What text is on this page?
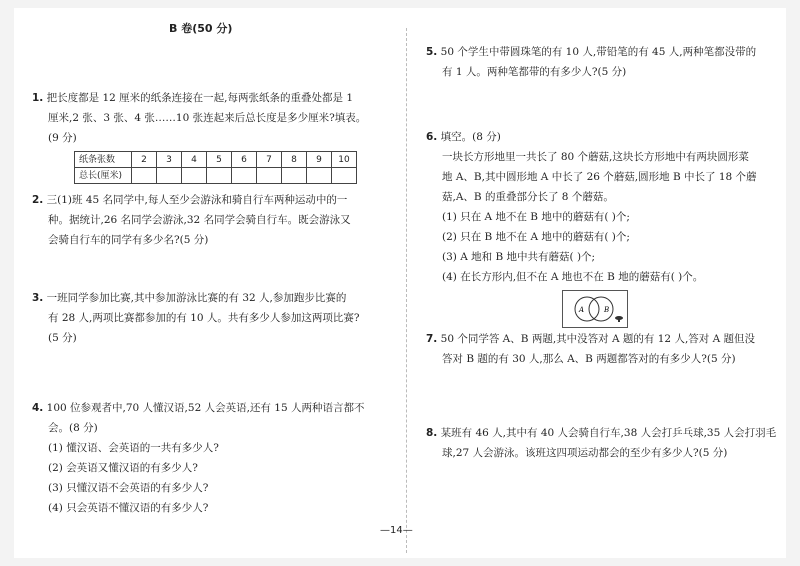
B 卷(50 分)

1. 把长度都是 12 厘米的纸条连接在一起,每两张纸条的重叠处都是 1

厘米,2 张、3 张、4 张……10 张连起来后总长度是多少厘米?填表。

(9 分)

纸条张数	2	3	4	5	6	7	8	9	10
总长(厘米)									

2. 三(1)班 45 名同学中,每人至少会游泳和骑自行车两种运动中的一

种。据统计,26 名同学会游泳,32 名同学会骑自行车。既会游泳又

会骑自行车的同学有多少名?(5 分)

3. 一班同学参加比赛,其中参加游泳比赛的有 32 人,参加跑步比赛的

有 28 人,两项比赛都参加的有 10 人。共有多少人参加这两项比赛?

(5 分)

4. 100 位参观者中,70 人懂汉语,52 人会英语,还有 15 人两种语言都不

会。(8 分)

(1) 懂汉语、会英语的一共有多少人?

(2) 会英语又懂汉语的有多少人?

(3) 只懂汉语不会英语的有多少人?

(4) 只会英语不懂汉语的有多少人?

5. 50 个学生中带圆珠笔的有 10 人,带铅笔的有 45 人,两种笔都没带的

有 1 人。两种笔都带的有多少人?(5 分)

6. 填空。(8 分)

一块长方形地里一共长了 80 个蘑菇,这块长方形地中有两块圆形菜

地 A、B,其中圆形地 A 中长了 26 个蘑菇,圆形地 B 中长了 18 个蘑

菇,A、B 的重叠部分长了 8 个蘑菇。

(1) 只在 A 地不在 B 地中的蘑菇有( )个;

(2) 只在 B 地不在 A 地中的蘑菇有( )个;

(3) A 地和 B 地中共有蘑菇( )个;

(4) 在长方形内,但不在 A 地也不在 B 地的蘑菇有( )个。

A	B

7. 50 个同学答 A、B 两题,其中没答对 A 题的有 12 人,答对 A 题但没

答对 B 题的有 30 人,那么 A、B 两题都答对的有多少人?(5 分)

8. 某班有 46 人,其中有 40 人会骑自行车,38 人会打乒乓球,35 人会打羽毛

球,27 人会游泳。该班这四项运动都会的至少有多少人?(5 分)

—14—
